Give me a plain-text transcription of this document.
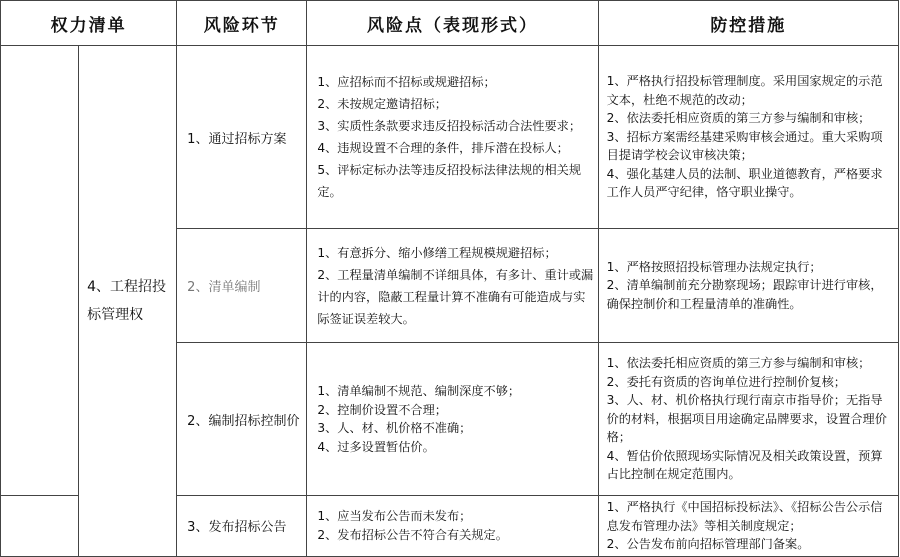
权力清单		风险环节	风险点（表现形式）	防控措施
	4、工程招投标管理权	1、通过招标方案	1、应招标而不招标或规避招标；
2、未按规定邀请招标；
3、实质性条款要求违反招投标活动合法性要求；
4、违规设置不合理的条件，排斥潜在投标人；
5、评标定标办法等违反招投标法律法规的相关规定。	1、严格执行招投标管理制度。采用国家规定的示范文本，杜绝不规范的改动；
2、依法委托相应资质的第三方参与编制和审核；
3、招标方案需经基建采购审核会通过。重大采购项目提请学校会议审核决策；
4、强化基建人员的法制、职业道德教育，严格要求工作人员严守纪律，恪守职业操守。

		2、清单编制	1、有意拆分、缩小修缮工程规模规避招标；
2、工程量清单编制不详细具体，有多计、重计或漏计的内容，隐蔽工程量计算不准确有可能造成与实际签证误差较大。	1、严格按照招投标管理办法规定执行；
2、清单编制前充分勘察现场；跟踪审计进行审核，确保控制价和工程量清单的准确性。

		2、编制招标控制价	1、清单编制不规范、编制深度不够；
2、控制价设置不合理；
3、人、材、机价格不准确；
4、过多设置暂估价。	1、依法委托相应资质的第三方参与编制和审核；
2、委托有资质的咨询单位进行控制价复核；
3、人、材、机价格执行现行南京市指导价；无指导价的材料，根据项目用途确定品牌要求，设置合理价格；
4、暂估价依照现场实际情况及相关政策设置，预算占比控制在规定范围内。

		3、发布招标公告	1、应当发布公告而未发布；
2、发布招标公告不符合有关规定。	1、严格执行《中国招标投标法》、《招标公告公示信息发布管理办法》等相关制度规定；
2、公告发布前向招标管理部门备案。
